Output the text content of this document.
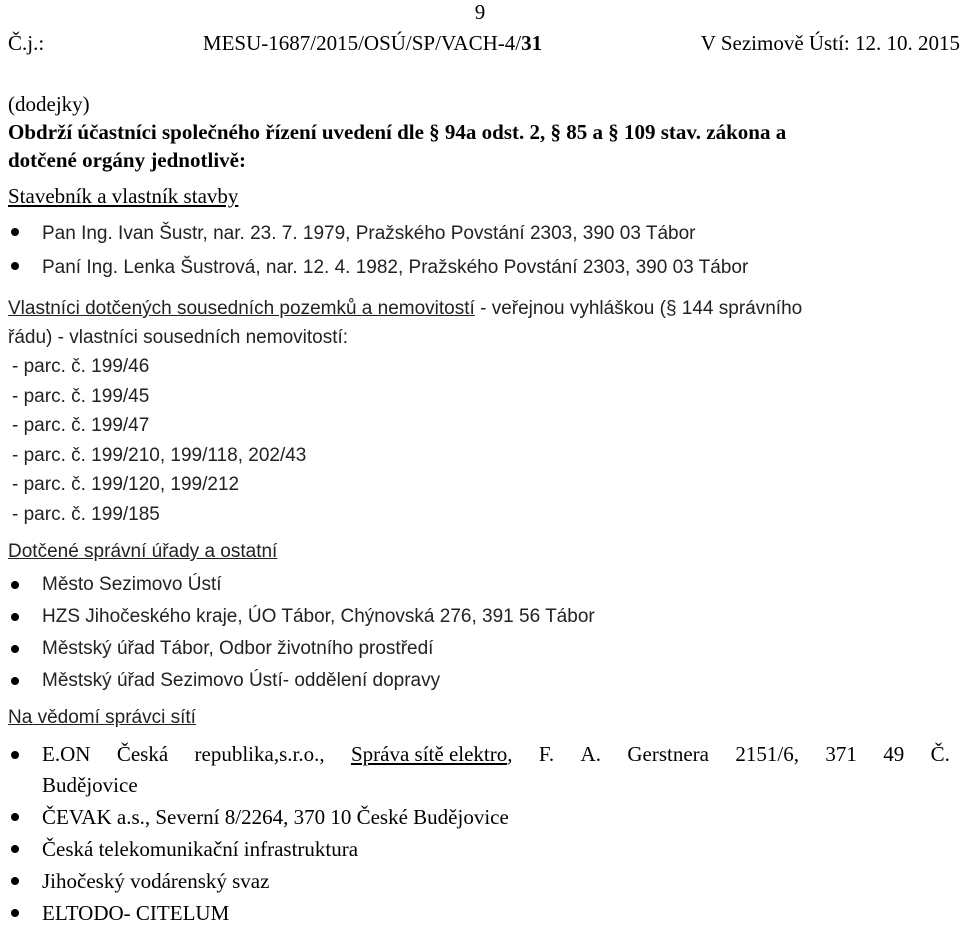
9
Č.j.:	MESU-1687/2015/OSÚ/SP/VACH-4/31	V Sezimově Ústí: 12. 10. 2015

(dodejky)

Obdrží účastníci společného řízení uvedení dle § 94a odst. 2, § 85 a § 109 stav. zákona a

dotčené orgány jednotlivě:

Stavebník a vlastník stavby

Pan Ing. Ivan Šustr, nar. 23. 7. 1979, Pražského Povstání 2303, 390 03 Tábor
Paní Ing. Lenka Šustrová, nar. 12. 4. 1982, Pražského Povstání 2303, 390 03 Tábor

Vlastníci dotčených sousedních pozemků a nemovitostí - veřejnou vyhláškou (§ 144 správního

řádu) - vlastníci sousedních nemovitostí:

- parc. č. 199/46
- parc. č. 199/45
- parc. č. 199/47
- parc. č. 199/210, 199/118, 202/43
- parc. č. 199/120, 199/212
- parc. č. 199/185

Dotčené správní úřady a ostatní

Město Sezimovo Ústí
HZS Jihočeského kraje, ÚO Tábor, Chýnovská 276, 391 56 Tábor
Městský úřad Tábor, Odbor životního prostředí
Městský úřad Sezimovo Ústí- oddělení dopravy

Na vědomí správci sítí

E.ON Česká republika,s.r.o., Správa sítě elektro, F. A. Gerstnera 2151/6, 371 49 Č.
Budějovice
ČEVAK a.s., Severní 8/2264, 370 10 České Budějovice
Česká telekomunikační infrastruktura
Jihočeský vodárenský svaz
ELTODO- CITELUM
